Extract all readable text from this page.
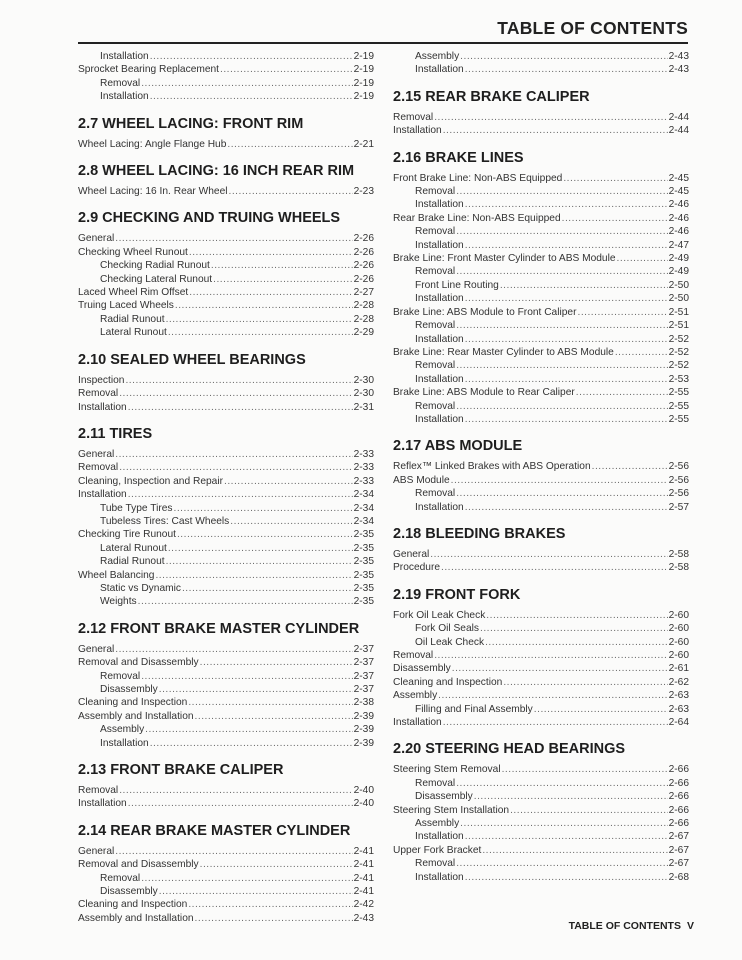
TABLE OF CONTENTS
Installation .....	2-19
Sprocket Bearing Replacement .....	2-19
Removal .....	2-19
Installation .....	2-19
2.7 WHEEL LACING: FRONT RIM
Wheel Lacing: Angle Flange Hub .....	2-21
2.8 WHEEL LACING: 16 INCH REAR RIM
Wheel Lacing: 16 In. Rear Wheel .....	2-23
2.9 CHECKING AND TRUING WHEELS
General .....	2-26
Checking Wheel Runout .....	2-26
Checking Radial Runout .....	2-26
Checking Lateral Runout .....	2-26
Laced Wheel Rim Offset .....	2-27
Truing Laced Wheels .....	2-28
Radial Runout .....	2-28
Lateral Runout .....	2-29
2.10 SEALED WHEEL BEARINGS
Inspection .....	2-30
Removal .....	2-30
Installation .....	2-31
2.11 TIRES
General .....	2-33
Removal .....	2-33
Cleaning, Inspection and Repair .....	2-33
Installation .....	2-34
Tube Type Tires .....	2-34
Tubeless Tires: Cast Wheels .....	2-34
Checking Tire Runout .....	2-35
Lateral Runout .....	2-35
Radial Runout .....	2-35
Wheel Balancing .....	2-35
Static vs Dynamic .....	2-35
Weights .....	2-35
2.12 FRONT BRAKE MASTER CYLINDER
General .....	2-37
Removal and Disassembly .....	2-37
Removal .....	2-37
Disassembly .....	2-37
Cleaning and Inspection .....	2-38
Assembly and Installation .....	2-39
Assembly .....	2-39
Installation .....	2-39
2.13 FRONT BRAKE CALIPER
Removal .....	2-40
Installation .....	2-40
2.14 REAR BRAKE MASTER CYLINDER
General .....	2-41
Removal and Disassembly .....	2-41
Removal .....	2-41
Disassembly .....	2-41
Cleaning and Inspection .....	2-42
Assembly and Installation .....	2-43
Assembly .....	2-43
Installation .....	2-43
2.15 REAR BRAKE CALIPER
Removal .....	2-44
Installation .....	2-44
2.16 BRAKE LINES
Front Brake Line: Non-ABS Equipped .....	2-45
Removal .....	2-45
Installation .....	2-46
Rear Brake Line: Non-ABS Equipped .....	2-46
Removal .....	2-46
Installation .....	2-47
Brake Line: Front Master Cylinder to ABS Module .....	2-49
Removal .....	2-49
Front Line Routing .....	2-50
Installation .....	2-50
Brake Line: ABS Module to Front Caliper .....	2-51
Removal .....	2-51
Installation .....	2-52
Brake Line: Rear Master Cylinder to ABS Module .....	2-52
Removal .....	2-52
Installation .....	2-53
Brake Line: ABS Module to Rear Caliper .....	2-55
Removal .....	2-55
Installation .....	2-55
2.17 ABS MODULE
Reflex™ Linked Brakes with ABS Operation .....	2-56
ABS Module .....	2-56
Removal .....	2-56
Installation .....	2-57
2.18 BLEEDING BRAKES
General .....	2-58
Procedure .....	2-58
2.19 FRONT FORK
Fork Oil Leak Check .....	2-60
Fork Oil Seals .....	2-60
Oil Leak Check .....	2-60
Removal .....	2-60
Disassembly .....	2-61
Cleaning and Inspection .....	2-62
Assembly .....	2-63
Filling and Final Assembly .....	2-63
Installation .....	2-64
2.20 STEERING HEAD BEARINGS
Steering Stem Removal .....	2-66
Removal .....	2-66
Disassembly .....	2-66
Steering Stem Installation .....	2-66
Assembly .....	2-66
Installation .....	2-67
Upper Fork Bracket .....	2-67
Removal .....	2-67
Installation .....	2-68
TABLE OF CONTENTS V
